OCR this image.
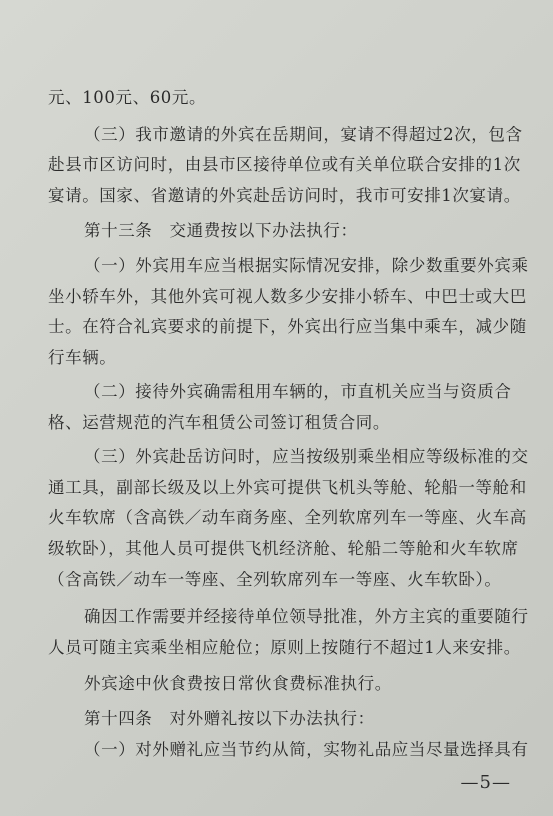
元、100元、60元。
（三）我市邀请的外宾在岳期间，宴请不得超过2次，包含
赴县市区访问时，由县市区接待单位或有关单位联合安排的1次
宴请。国家、省邀请的外宾赴岳访问时，我市可安排1次宴请。
第十三条　交通费按以下办法执行：
（一）外宾用车应当根据实际情况安排，除少数重要外宾乘
坐小轿车外，其他外宾可视人数多少安排小轿车、中巴士或大巴
士。在符合礼宾要求的前提下，外宾出行应当集中乘车，减少随
行车辆。
（二）接待外宾确需租用车辆的，市直机关应当与资质合
格、运营规范的汽车租赁公司签订租赁合同。
（三）外宾赴岳访问时，应当按级别乘坐相应等级标准的交
通工具，副部长级及以上外宾可提供飞机头等舱、轮船一等舱和
火车软席（含高铁／动车商务座、全列软席列车一等座、火车高
级软卧），其他人员可提供飞机经济舱、轮船二等舱和火车软席
（含高铁／动车一等座、全列软席列车一等座、火车软卧）。
确因工作需要并经接待单位领导批准，外方主宾的重要随行
人员可随主宾乘坐相应舱位；原则上按随行不超过1人来安排。
外宾途中伙食费按日常伙食费标准执行。
第十四条　对外赠礼按以下办法执行：
（一）对外赠礼应当节约从简，实物礼品应当尽量选择具有
—5—
